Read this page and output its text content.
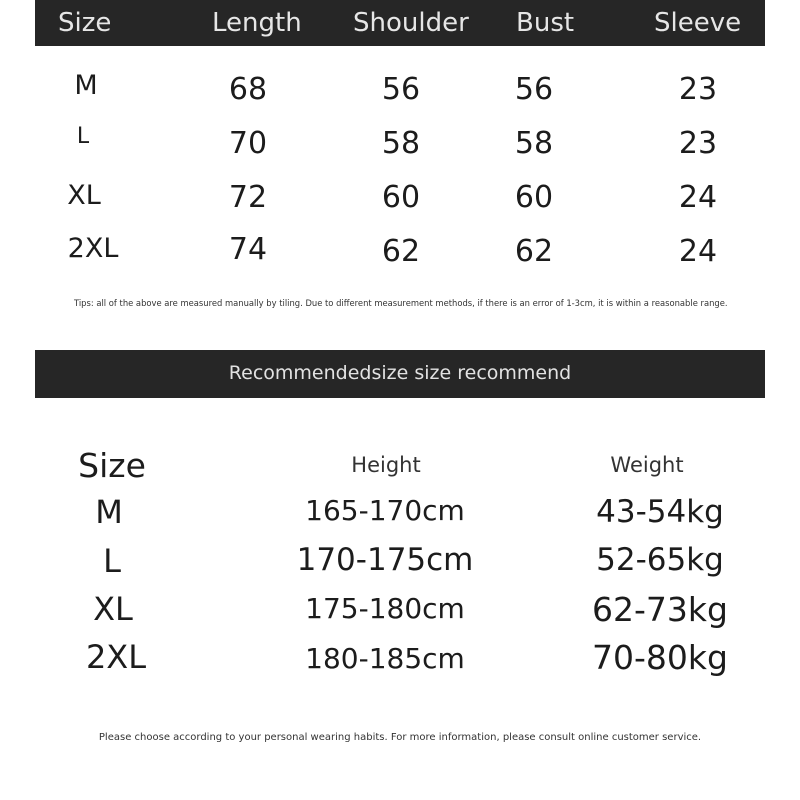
Size	Length Shoulder Bust	Sleeve
M	68	56	56	23
L	70	58	58	23
XL	72	60	60	24
2XL	74	62	62	24
Tips: all of the above are measured manually by tiling. Due to different measurement methods, if there is an error of 1-3cm, it is within a reasonable range.
Recommendedsize size recommend
Size	Height	Weight
M	165-170cm	43-54kg
L	170-175cm	52-65kg
XL	175-180cm	62-73kg
2XL	180-185cm	70-80kg
Please choose according to your personal wearing habits. For more information, please consult online customer service.
